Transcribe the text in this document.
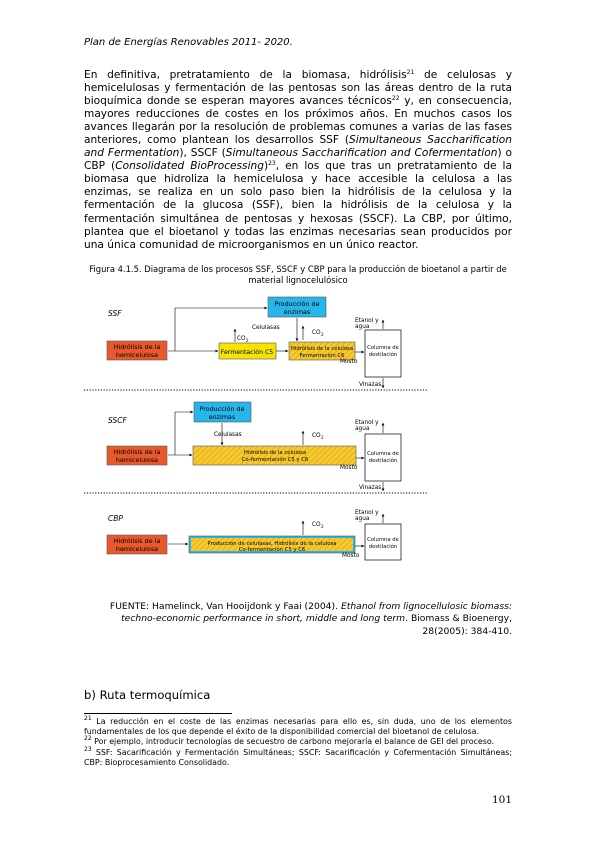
Plan de Energías Renovables 2011- 2020.

En definitiva, pretratamiento de la biomasa, hidrólisis$^{21}$ de celulosas y hemicelulosas y fermentación de las pentosas son las áreas dentro de la ruta bioquímica donde se esperan mayores avances técnicos$^{22}$ y, en consecuencia, mayores reducciones de costes en los próximos años. En muchos casos los avances llegarán por la resolución de problemas comunes a varias de las fases anteriores, como plantean los desarrollos SSF (Simultaneous Saccharification and Fermentation), SSCF (Simultaneous Saccharification and Cofermentation) o CBP (Consolidated BioProcessing)$^{23}$, en los que tras un pretratamiento de la biomasa que hidroliza la hemicelulosa y hace accesible la celulosa a las enzimas, se realiza en un solo paso bien la hidrólisis de la celulosa y la fermentación de la glucosa (SSF), bien la hidrólisis de la celulosa y la fermentación simultánea de pentosas y hexosas (SSCF). La CBP, por último, plantea que el bioetanol y todas las enzimas necesarias sean producidos por una única comunidad de microorganismos en un único reactor.

Figura 4.1.5. Diagrama de los procesos SSF, SSCF y CBP para la producción de bioetanol a partir de material lignocelulósico
SSF
Hidrólisis de la
hemicelulosa
Producción de
enzimas
Fermentación C5
CO 2
Celulasas
Hidrólisis de la celulosa
Fermentación C6
CO 2
Mosto
Columna de
destilación
Etanol y
agua
Vinazas
SSCF
Hidrólisis de la
hemicelulosa
Producción de
enzimas
Celulasas
Hidrólisis de la celulosa
Co-fermentación C5 y C6
CO 2
Mosto
Columna de
destilación
Etanol y
agua
Vinazas
CBP
Hidrólisis de la
hemicelulosa
Producción de celulasas, Hidrólisis de la celulosa
Co-fermentación C5 y C6
CO 2
Mosto
Columna de
destilación
Etanol y
agua
FUENTE: Hamelinck, Van Hooijdonk y Faai (2004). Ethanol from lignocellulosic biomass: techno-economic performance in short, middle and long term. Biomass & Bioenergy, 28(2005): 384-410.
b) Ruta termoquímica

$^{21}$ La reducción en el coste de las enzimas necesarias para ello es, sin duda, uno de los elementos fundamentales de los que depende el éxito de la disponibilidad comercial del bioetanol de celulosa.

$^{22}$ Por ejemplo, introducir tecnologías de secuestro de carbono mejoraría el balance de GEI del proceso.

$^{23}$ SSF: Sacarificación y Fermentación Simultáneas; SSCF: Sacarificación y Cofermentación Simultáneas; CBP: Bioprocesamiento Consolidado.

101
